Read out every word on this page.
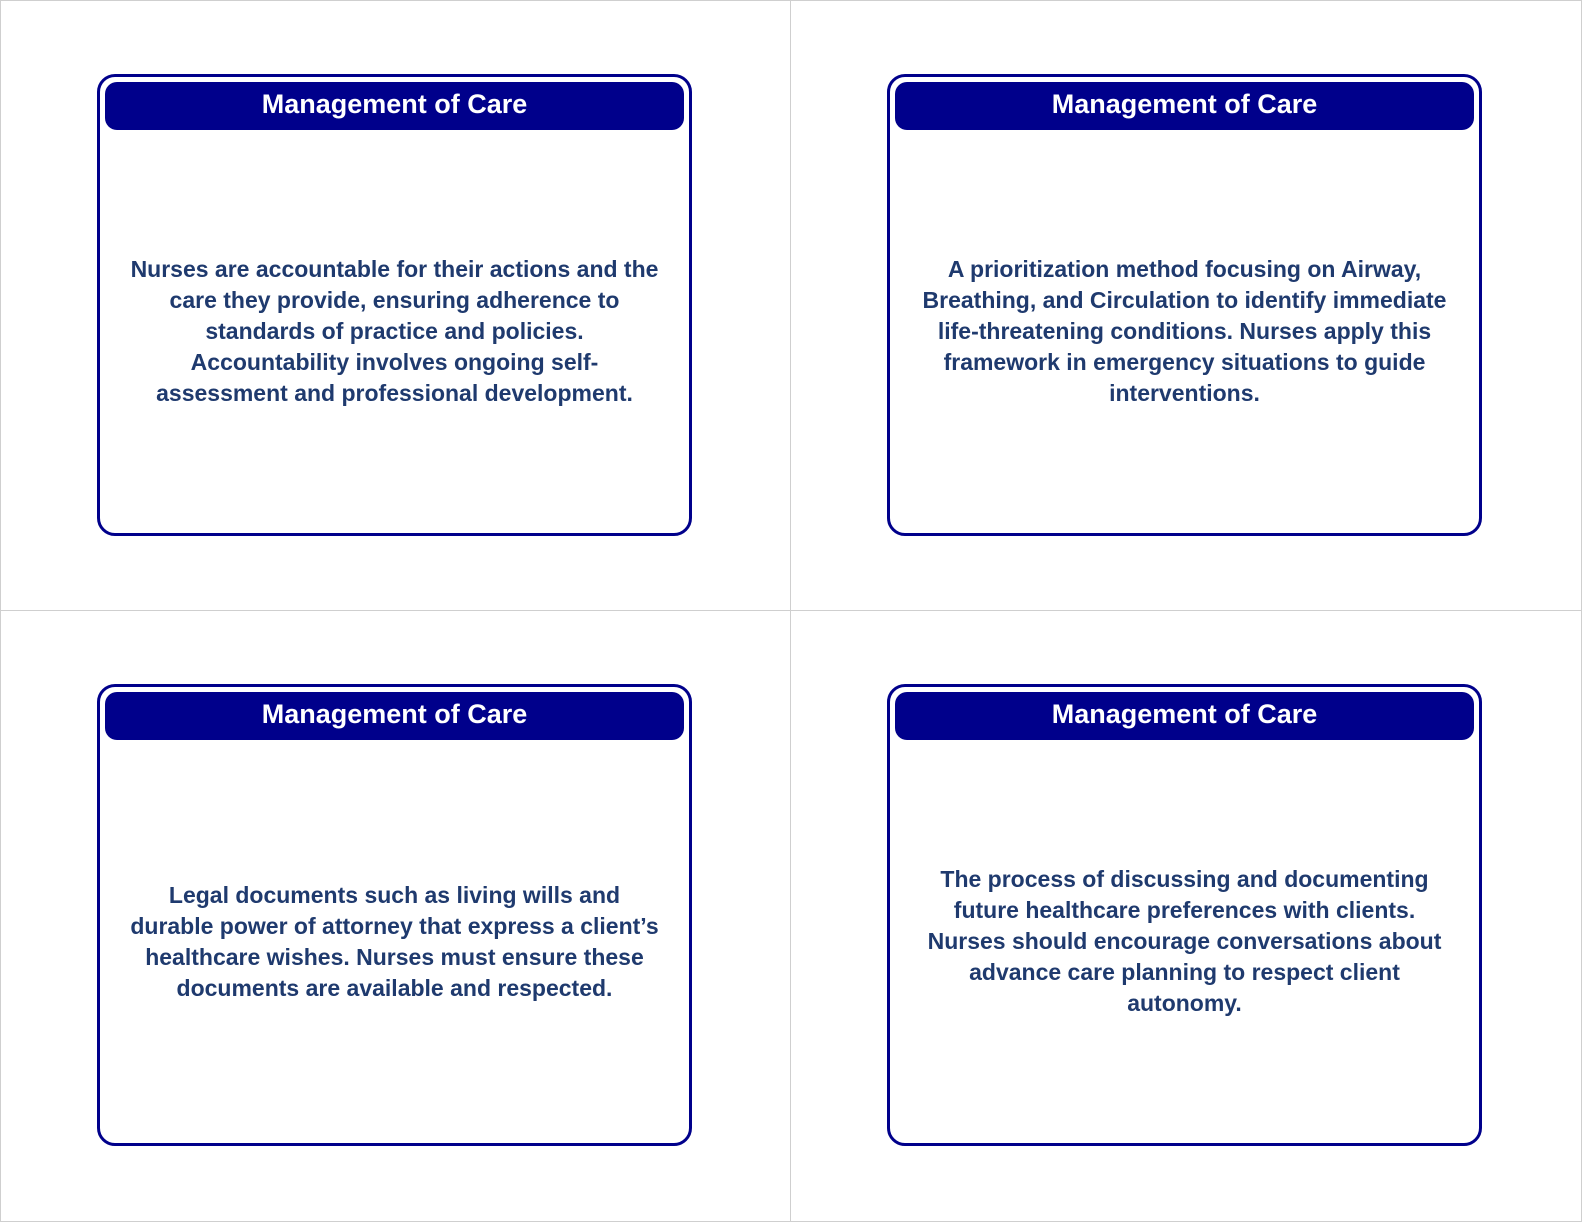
Management of Care

Nurses are accountable for their actions and the care they provide, ensuring adherence to standards of practice and policies. Accountability involves ongoing self-assessment and professional development.

Management of Care

A prioritization method focusing on Airway, Breathing, and Circulation to identify immediate life-threatening conditions. Nurses apply this framework in emergency situations to guide interventions.

Management of Care

Legal documents such as living wills and durable power of attorney that express a client’s healthcare wishes. Nurses must ensure these documents are available and respected.

Management of Care

The process of discussing and documenting future healthcare preferences with clients. Nurses should encourage conversations about advance care planning to respect client autonomy.
